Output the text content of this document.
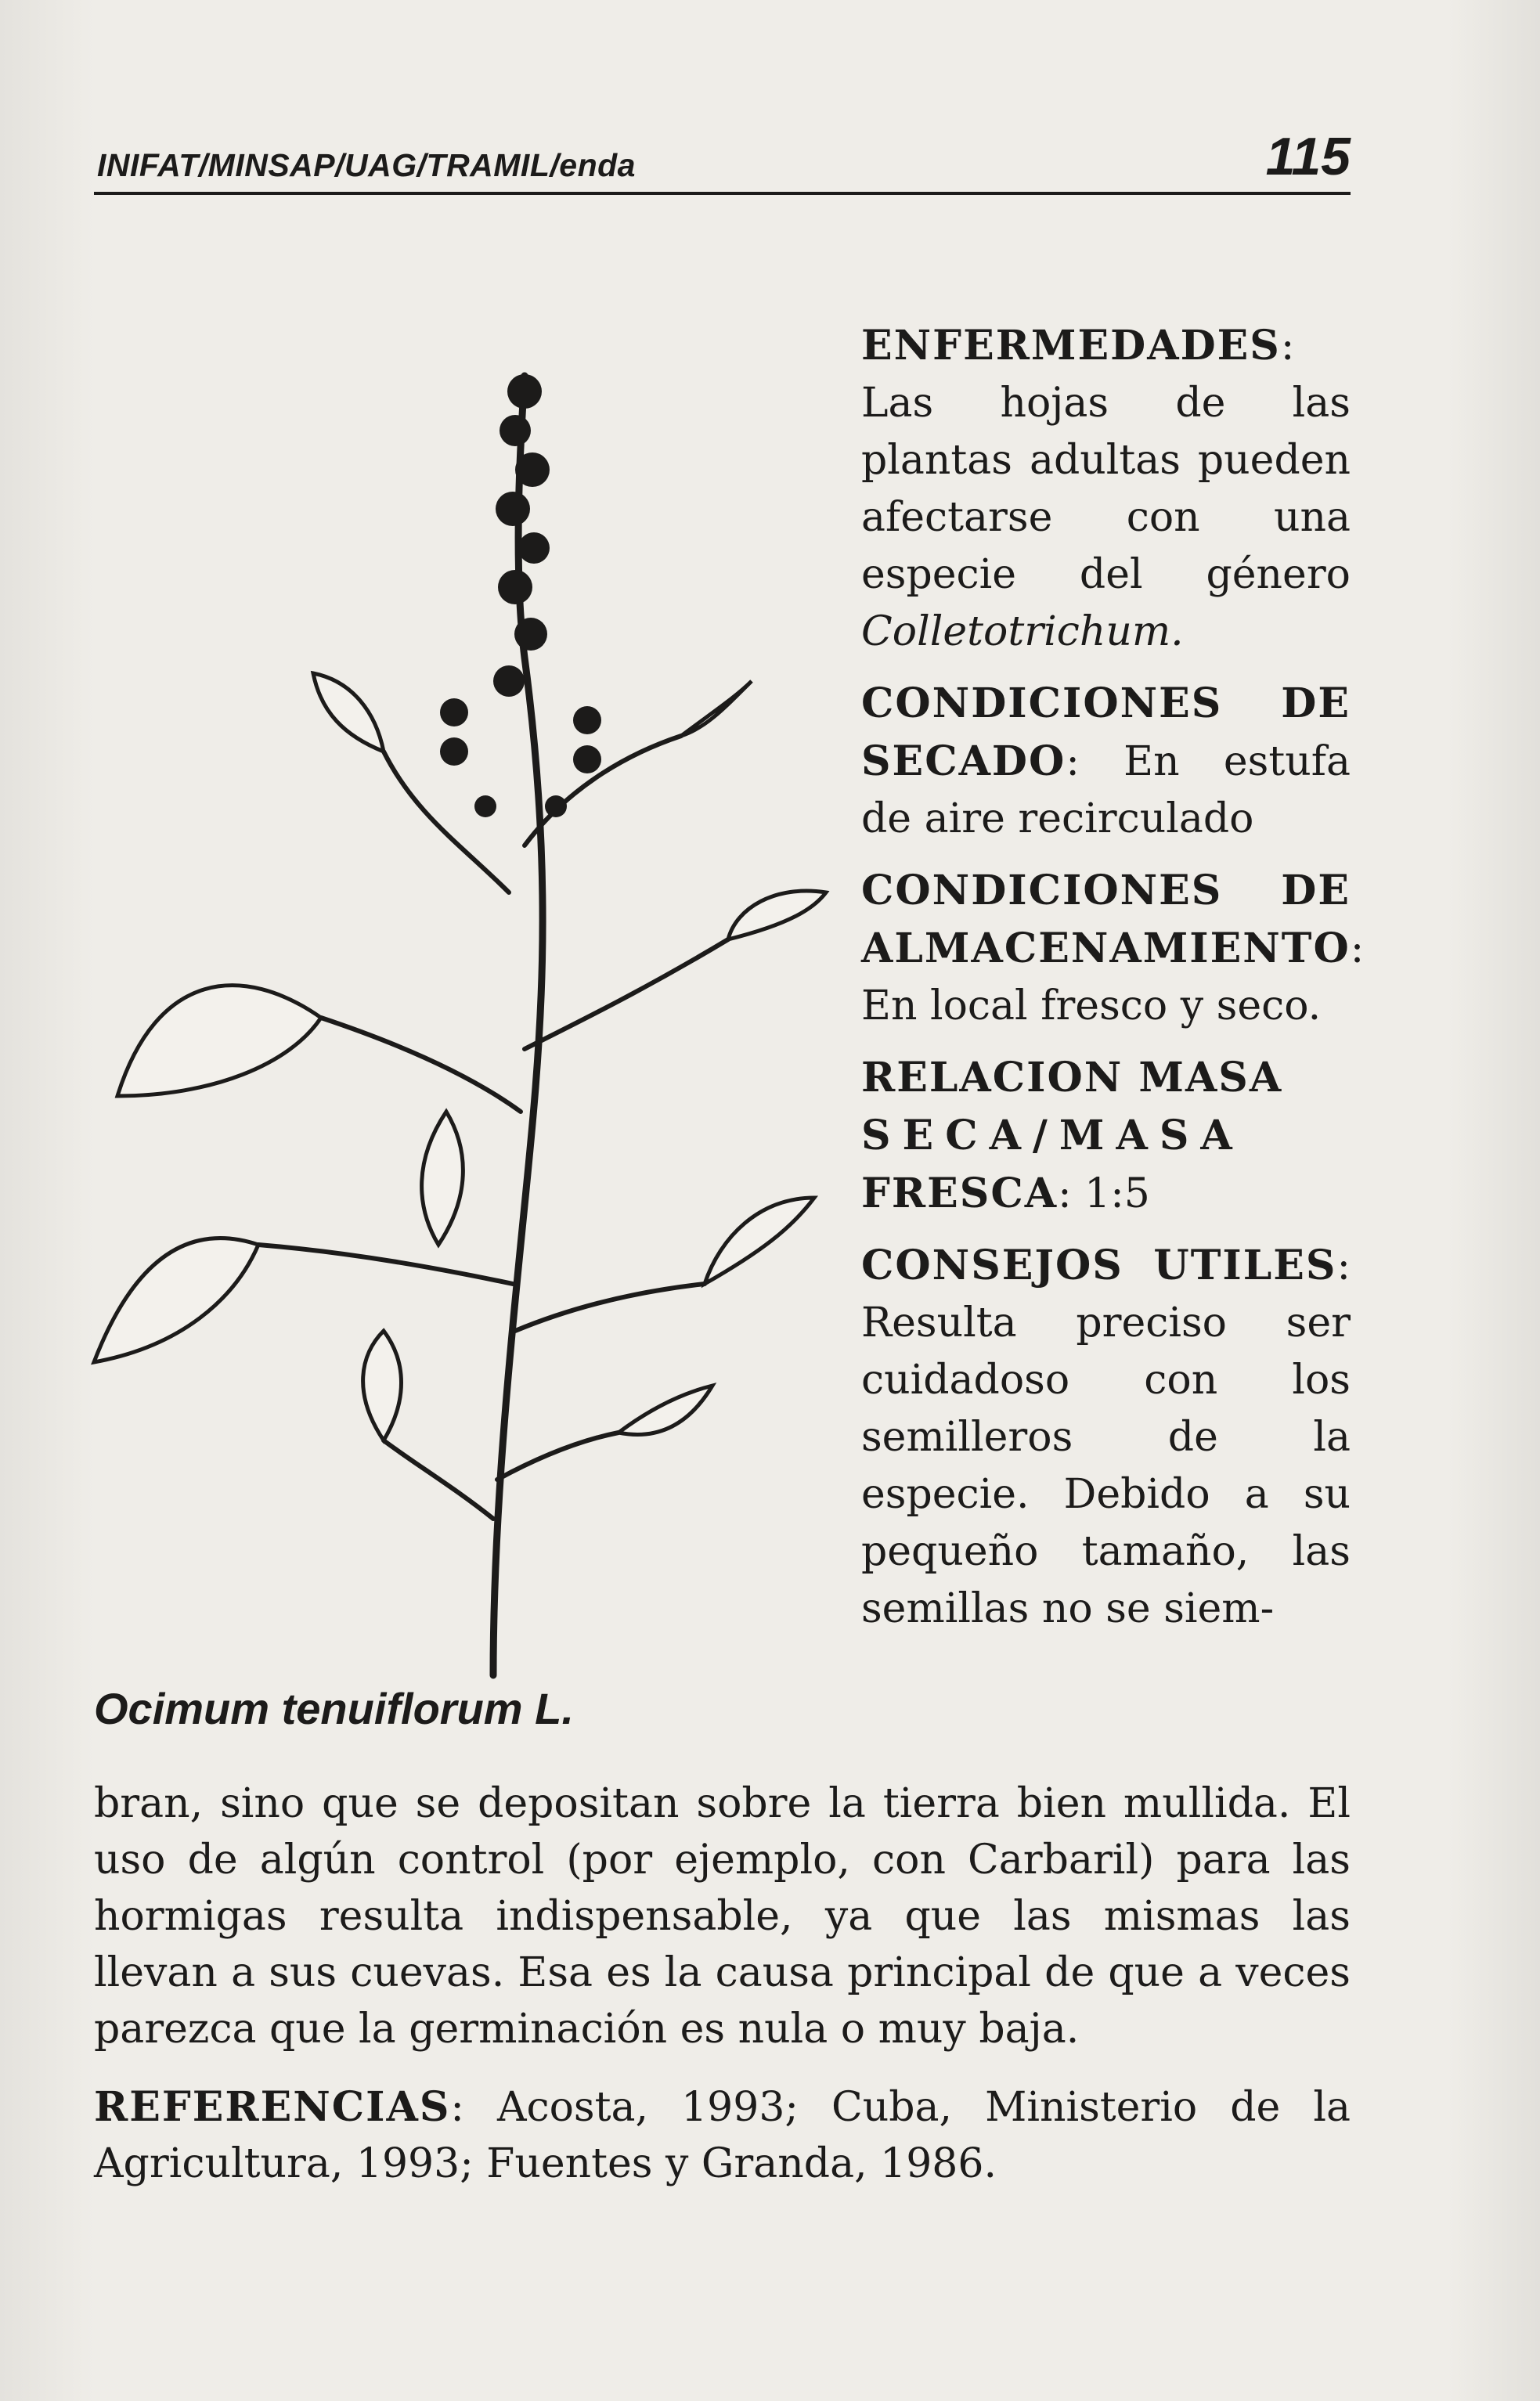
INIFAT/MINSAP/UAG/TRAMIL/enda	115
Ocimum tenuiflorum L.

ENFERMEDADES: Las hojas de las plantas adultas pueden afectarse con una especie del género Colletotrichum.

CONDICIONES DE SECADO: En estufa de aire recirculado

CONDICIONES DE ALMACENAMIENTO: En local fresco y seco.

RELACION MASA
SECA/MASA
FRESCA: 1:5

CONSEJOS UTILES: Resulta preciso ser cuidadoso con los semilleros de la especie. Debido a su pequeño tamaño, las semillas no se siem-

bran, sino que se depositan sobre la tierra bien mullida. El uso de algún control (por ejemplo, con Carbaril) para las hormigas resulta indispensable, ya que las mismas las llevan a sus cuevas. Esa es la causa principal de que a veces parezca que la germinación es nula o muy baja.

REFERENCIAS: Acosta, 1993; Cuba, Ministerio de la Agricultura, 1993; Fuentes y Granda, 1986.
